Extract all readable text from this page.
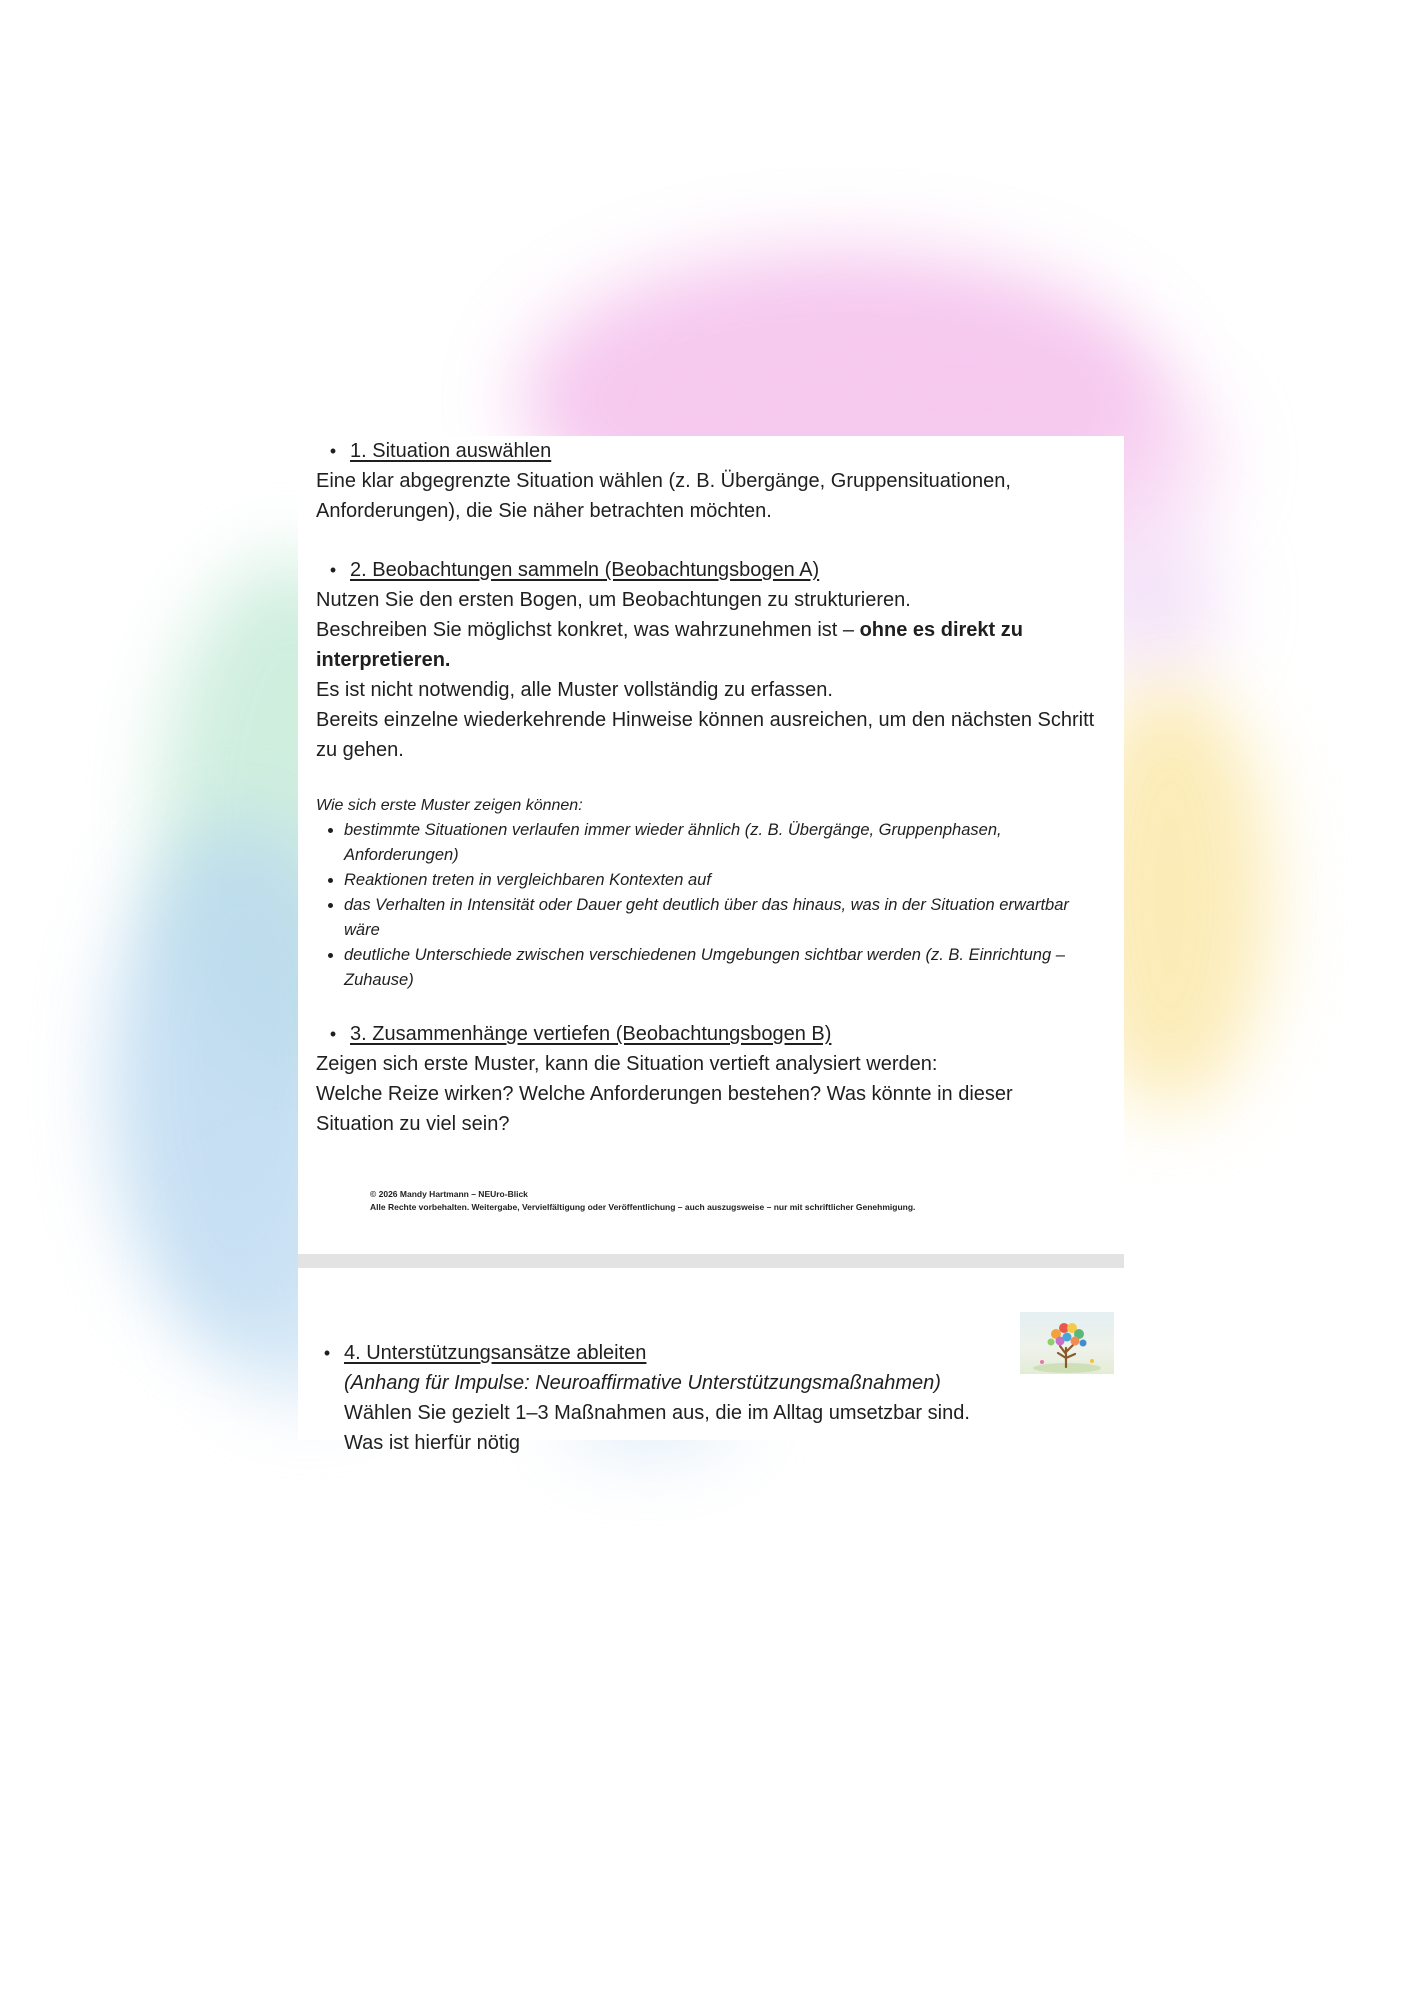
• 1. Situation auswählen

Eine klar abgegrenzte Situation wählen (z. B. Übergänge, Gruppensituationen, Anforderungen), die Sie näher betrachten möchten.

• 2. Beobachtungen sammeln (Beobachtungsbogen A)

Nutzen Sie den ersten Bogen, um Beobachtungen zu strukturieren.

Beschreiben Sie möglichst konkret, was wahrzunehmen ist – ohne es direkt zu interpretieren.

Es ist nicht notwendig, alle Muster vollständig zu erfassen.

Bereits einzelne wiederkehrende Hinweise können ausreichen, um den nächsten Schritt zu gehen.

Wie sich erste Muster zeigen können:

• bestimmte Situationen verlaufen immer wieder ähnlich (z. B. Übergänge, Gruppenphasen, Anforderungen)
• Reaktionen treten in vergleichbaren Kontexten auf
• das Verhalten in Intensität oder Dauer geht deutlich über das hinaus, was in der Situation erwartbar wäre
• deutliche Unterschiede zwischen verschiedenen Umgebungen sichtbar werden (z. B. Einrichtung – Zuhause)
• 3. Zusammenhänge vertiefen (Beobachtungsbogen B)

Zeigen sich erste Muster, kann die Situation vertieft analysiert werden:

Welche Reize wirken? Welche Anforderungen bestehen? Was könnte in dieser Situation zu viel sein?

© 2026 Mandy Hartmann – NEUro-Blick
Alle Rechte vorbehalten. Weitergabe, Vervielfältigung oder Veröffentlichung – auch auszugsweise – nur mit schriftlicher Genehmigung.
• 4. Unterstützungsansätze ableiten

(Anhang für Impulse: Neuroaffirmative Unterstützungsmaßnahmen)

Wählen Sie gezielt 1–3 Maßnahmen aus, die im Alltag umsetzbar sind.

Was ist hierfür nötig
